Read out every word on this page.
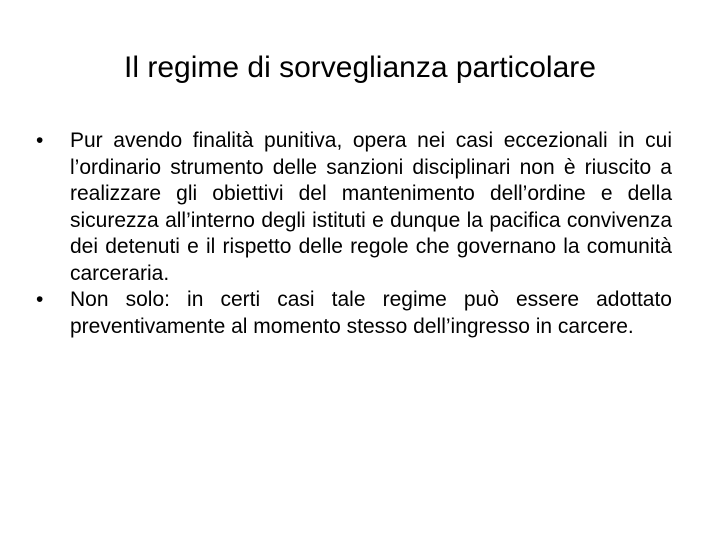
Il regime di sorveglianza particolare
•	Pur avendo finalità punitiva, opera nei casi eccezionali in cui l’ordinario strumento delle sanzioni disciplinari non è riuscito a realizzare gli obiettivi del mantenimento dell’ordine e della sicurezza all’interno degli istituti e dunque la pacifica convivenza dei detenuti e il rispetto delle regole che governano la comunità carceraria.
•	Non solo: in certi casi tale regime può essere adottato preventivamente al momento stesso dell’ingresso in carcere.
